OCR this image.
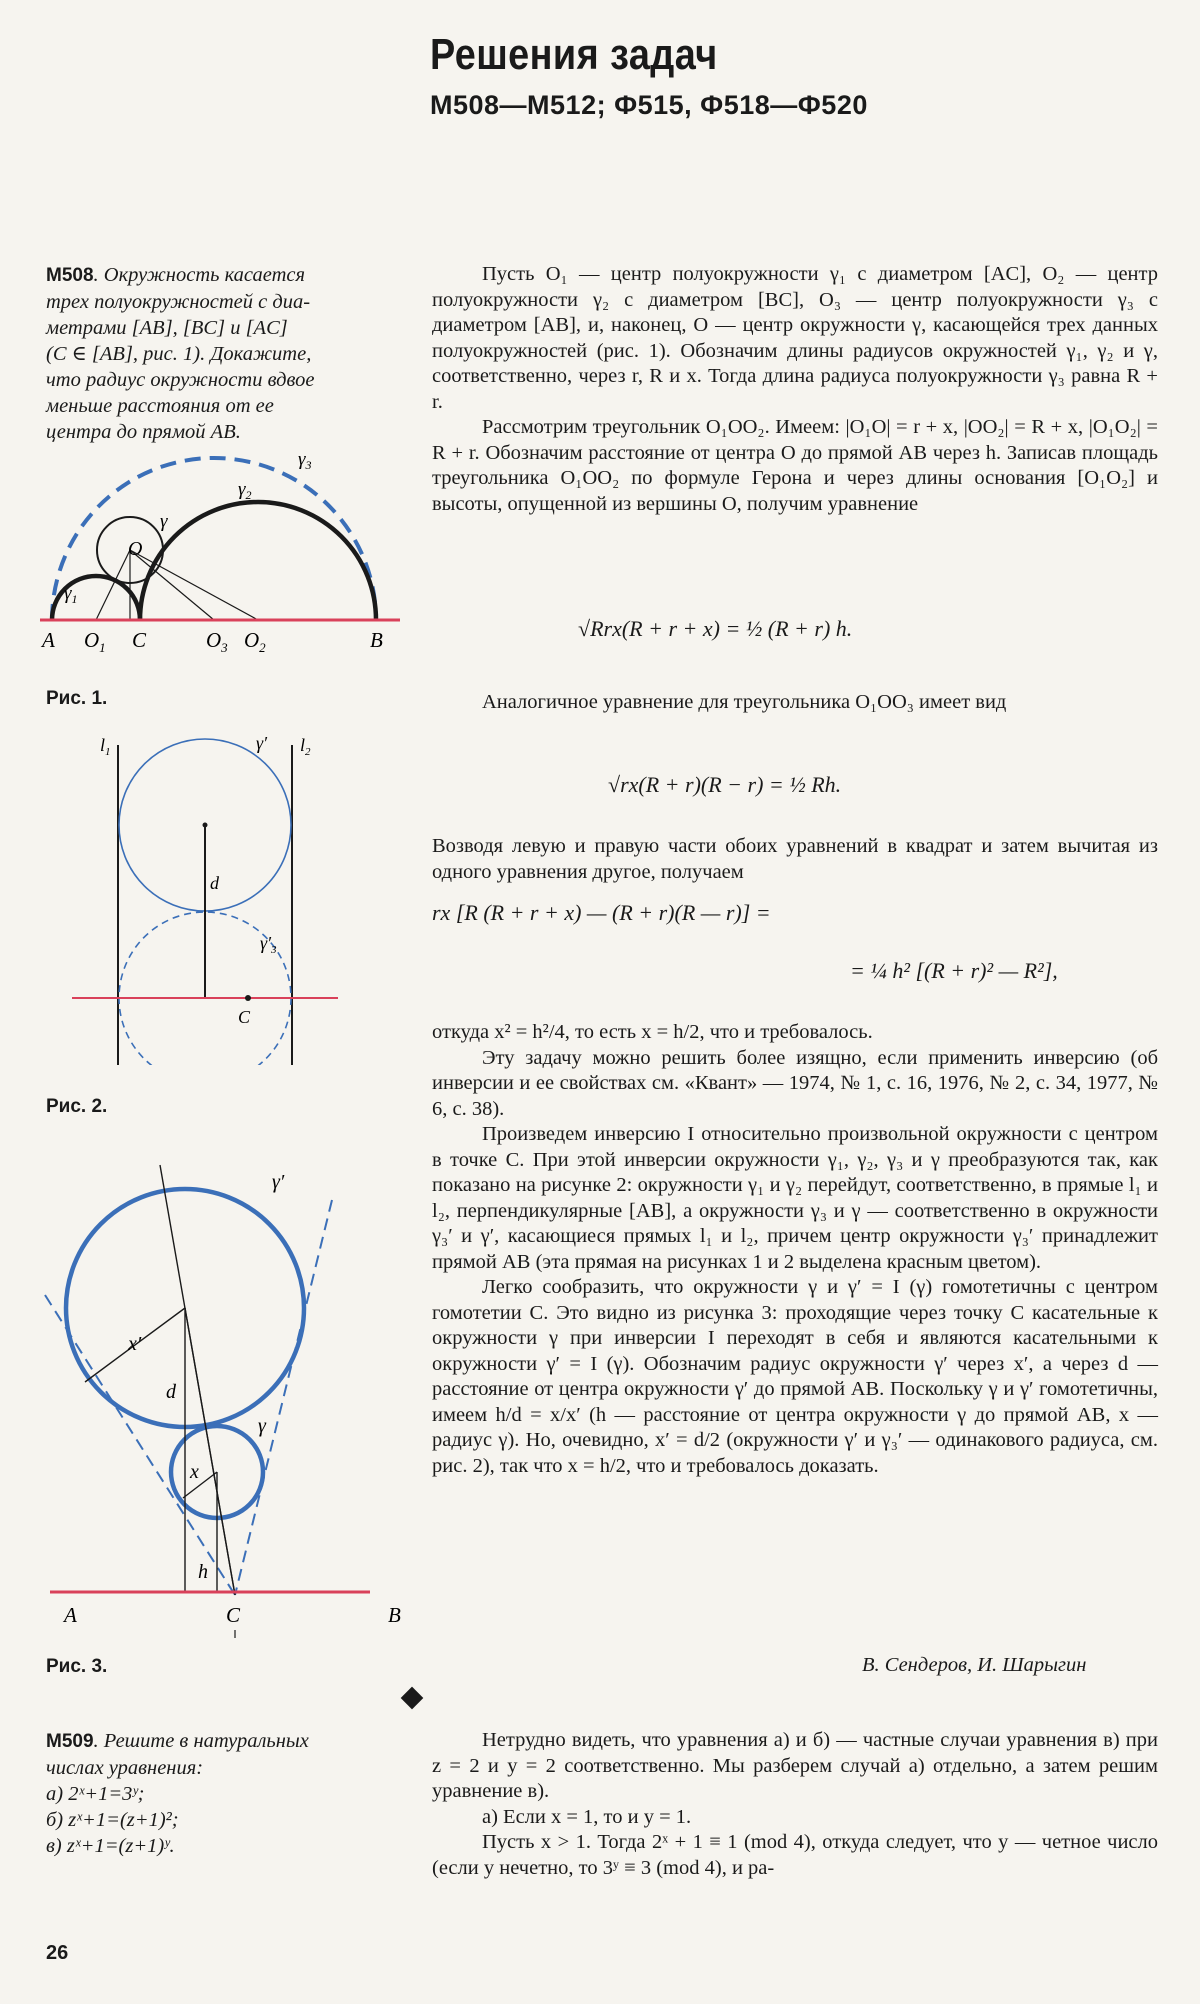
Решения задач
М508—М512; Ф515, Ф518—Ф520
М508. Окружность касается
трех полуокружностей с диа-
метрами [AB], [BC] и [AC]
(C ∈ [AB], рис. 1). Докажите,
что радиус окружности вдвое
меньше расстояния от ее
центра до прямой AB.
O
γ
$\gamma_1$
$\gamma_2$
$\gamma_3$
A $O_1$ C	$O_3$ $O_2$	B
Рис. 1.
$l_1$	$l_2$
γ′
d
$\gamma'_3$
C
Рис. 2.
γ′
x′
d
γ
x
h
A	C	B
Рис. 3.

Пусть O₁ — центр полуокружности γ₁ с диаметром [AC], O₂ — центр полуокружности γ₂ с диаметром [BC], O₃ — центр полуокружности γ₃ с диаметром [AB], и, наконец, O — центр окружности γ, касающейся трех данных полуокружностей (рис. 1). Обозначим длины радиусов окружностей γ₁, γ₂ и γ, соответственно, через r, R и x. Тогда длина радиуса полуокружности γ₃ равна R + r.

Рассмотрим треугольник O₁OO₂. Имеем: |O₁O| = r + x, |OO₂| = R + x, |O₁O₂| = R + r. Обозначим расстояние от центра O до прямой AB через h. Записав площадь треугольника O₁OO₂ по формуле Герона и через длины основания [O₁O₂] и высоты, опущенной из вершины O, получим уравнение

√Rrx(R + r + x) = ½ (R + r) h.

Аналогичное уравнение для треугольника O₁OO₃ имеет вид

√rx(R + r)(R − r) = ½ Rh.

Возводя левую и правую части обоих уравнений в квадрат и затем вычитая из одного уравнения другое, получаем

rx [R (R + r + x) — (R + r)(R — r)] =
= ¼ h² [(R + r)² — R²],

откуда x² = h²/4, то есть x = h/2, что и требовалось.

Эту задачу можно решить более изящно, если применить инверсию (об инверсии и ее свойствах см. «Квант» — 1974, № 1, с. 16, 1976, № 2, с. 34, 1977, № 6, с. 38).

Произведем инверсию I относительно произвольной окружности с центром в точке C. При этой инверсии окружности γ₁, γ₂, γ₃ и γ преобразуются так, как показано на рисунке 2: окружности γ₁ и γ₂ перейдут, соответственно, в прямые l₁ и l₂, перпендикулярные [AB], а окружности γ₃ и γ — соответственно в окружности γ₃′ и γ′, касающиеся прямых l₁ и l₂, причем центр окружности γ₃′ принадлежит прямой AB (эта прямая на рисунках 1 и 2 выделена красным цветом).

Легко сообразить, что окружности γ и γ′ = I (γ) гомотетичны с центром гомотетии C. Это видно из рисунка 3: проходящие через точку C касательные к окружности γ при инверсии I переходят в себя и являются касательными к окружности γ′ = I (γ). Обозначим радиус окружности γ′ через x′, а через d — расстояние от центра окружности γ′ до прямой AB. Поскольку γ и γ′ гомотетичны, имеем h/d = x/x′ (h — расстояние от центра окружности γ до прямой AB, x — радиус γ). Но, очевидно, x′ = d/2 (окружности γ′ и γ₃′ — одинакового радиуса, см. рис. 2), так что x = h/2, что и требовалось доказать.

В. Сендеров, И. Шарыгин
М509. Решите в натуральных
числах уравнения:
а) 2ˣ+1=3ʸ;
б) zˣ+1=(z+1)²;
в) zˣ+1=(z+1)ʸ.

Нетрудно видеть, что уравнения а) и б) — частные случаи уравнения в) при z = 2 и y = 2 соответственно. Мы разберем случай а) отдельно, а затем решим уравнение в).

а) Если x = 1, то и y = 1.

Пусть x > 1. Тогда 2ˣ + 1 ≡ 1 (mod 4), откуда следует, что y — четное число (если y нечетно, то 3ʸ ≡ 3 (mod 4), и ра-

26
